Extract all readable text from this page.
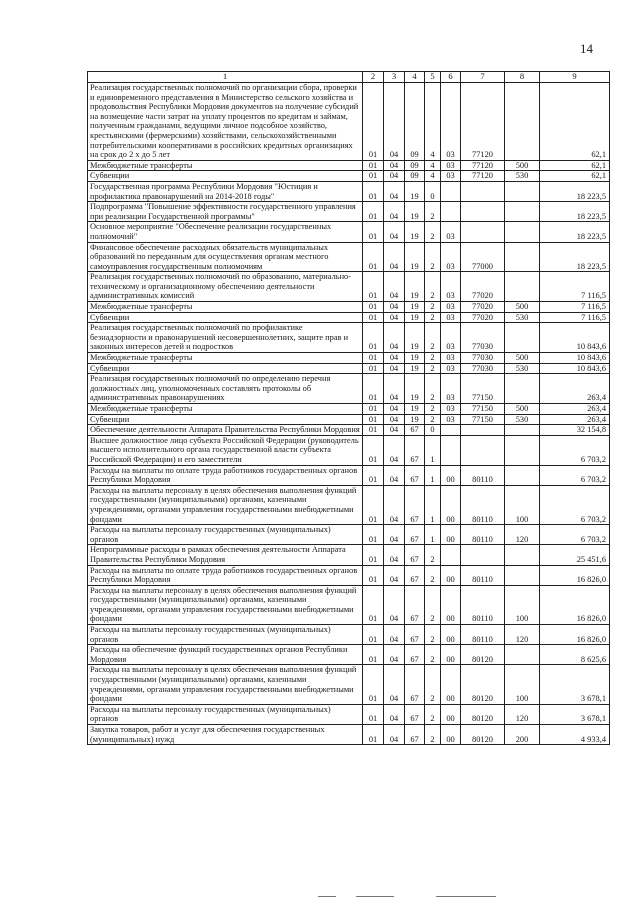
14
1	2	3	4	5	6	7	8	9
Реализация государственных полномочий по организации сбора, проверки и единовременного представления в Министерство сельского хозяйства и продовольствия Республики Мордовия документов на получение субсидий на возмещение части затрат на уплату процентов по кредитам и займам, полученным гражданами, ведущими личное подсобное хозяйство, крестьянскими (фермерскими) хозяйствами, сельскохозяйственными потребительскими кооперативами в российских кредитных организациях на срок до 2 х до 5 лет	01	04	09	4	03	77120		62,1
Межбюджетные трансферты	01	04	09	4	03	77120	500	62,1
Субвенции	01	04	09	4	03	77120	530	62,1
Государственная программа Республики Мордовия "Юстиция и профилактика правонарушений на 2014-2018 годы"	01	04	19	0				18 223,5
Подпрограмма "Повышение эффективности государственного управления при реализации Государственной программы"	01	04	19	2				18 223,5
Основное мероприятие "Обеспечение реализации государственных полномочий"	01	04	19	2	03			18 223,5
Финансовое обеспечение расходных обязательств муниципальных образований по переданным для осуществления органам местного самоуправления государственным полномочиям	01	04	19	2	03	77000		18 223,5
Реализация государственных полномочий по образованию, материально-техническому и организационному обеспечению деятельности административных комиссий	01	04	19	2	03	77020		7 116,5
Межбюджетные трансферты	01	04	19	2	03	77020	500	7 116,5
Субвенции	01	04	19	2	03	77020	530	7 116,5
Реализация государственных полномочий по профилактике безнадзорности и правонарушений несовершеннолетних, защите прав и законных интересов детей и подростков	01	04	19	2	03	77030		10 843,6
Межбюджетные трансферты	01	04	19	2	03	77030	500	10 843,6
Субвенции	01	04	19	2	03	77030	530	10 843,6
Реализация государственных полномочий по определению перечня должностных лиц, уполномоченных составлять протоколы об административных правонарушениях	01	04	19	2	03	77150		263,4
Межбюджетные трансферты	01	04	19	2	03	77150	500	263,4
Субвенции	01	04	19	2	03	77150	530	263,4
Обеспечение деятельности Аппарата Правительства Республики Мордовия	01	04	67	0				32 154,8
Высшее должностное лицо субъекта Российской Федерации (руководитель высшего исполнительного органа государственной власти субъекта Российской Федерации) и его заместители	01	04	67	1				6 703,2
Расходы на выплаты по оплате труда работников государственных органов Республики Мордовия	01	04	67	1	00	80110		6 703,2
Расходы на выплаты персоналу в целях обеспечения выполнения функций государственными (муниципальными) органами, казенными учреждениями, органами управления государственными внебюджетными фондами	01	04	67	1	00	80110	100	6 703,2
Расходы на выплаты персоналу государственных (муниципальных) органов	01	04	67	1	00	80110	120	6 703,2
Непрограммные расходы в рамках обеспечения деятельности Аппарата Правительства Республики Мордовия	01	04	67	2				25 451,6
Расходы на выплаты по оплате труда работников государственных органов Республики Мордовия	01	04	67	2	00	80110		16 826,0
Расходы на выплаты персоналу в целях обеспечения выполнения функций государственными (муниципальными) органами, казенными учреждениями, органами управления государственными внебюджетными фондами	01	04	67	2	00	80110	100	16 826,0
Расходы на выплаты персоналу государственных (муниципальных) органов	01	04	67	2	00	80110	120	16 826,0
Расходы на обеспечение функций государственных органов Республики Мордовия	01	04	67	2	00	80120		8 625,6
Расходы на выплаты персоналу в целях обеспечения выполнения функций государственными (муниципальными) органами, казенными учреждениями, органами управления государственными внебюджетными фондами	01	04	67	2	00	80120	100	3 678,1
Расходы на выплаты персоналу государственных (муниципальных) органов	01	04	67	2	00	80120	120	3 678,1
Закупка товаров, работ и услуг для обеспечения государственных (муниципальных) нужд	01	04	67	2	00	80120	200	4 933,4
